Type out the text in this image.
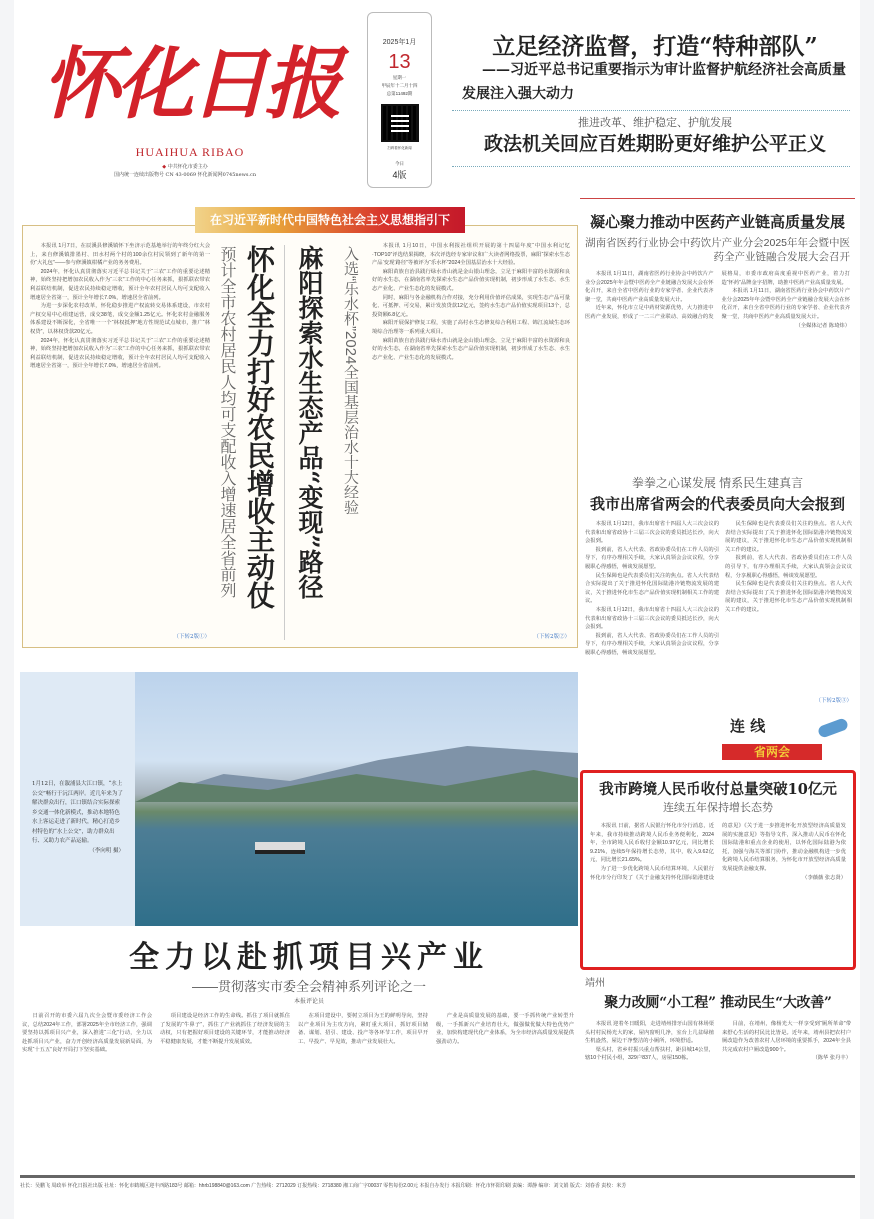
怀化日报
HUAIHUA RIBAO
◆ 中共怀化市委主办
国内统一连续出版物号 CN 43-0069 怀化新闻网0745news.cn
2025年1月
13
星期一
甲辰年十二月十四
总第11492期
扫码看怀化新闻
今日
4版
立足经济监督，打造“特种部队”
——习近平总书记重要指示为审计监督护航经济社会高质量发展注入强大动力
推进改革、维护稳定、护航发展
政法机关回应百姓期盼更好维护公平正义
在习近平新时代中国特色社会主义思想指引下

本报讯 1月7日，在辰溪县修溪镇怀下坐济示范基地举行的年终分红大会上，来自修溪镇排墨村、田水村两个村的100余位村民领到了新年的第一份“大礼包”——参与修溪镇柑橘产业的务务费用。

2024年，怀化认真贯彻落实习近平总书记关于“三农”工作的重要论述精神，始终坚持把增加农民收入作为“三农”工作的中心任务来抓，狠抓联农带农利益联结机制，促进农民持续稳定增收，预计全年农村居民人均可支配收入增速居全省第一，预计全年增长7.0%，增速居全省前列。

为进一步深化农村改革，怀化稳步推进产权流转交易体系建设，市农村产权交易中心组建运营，成交38笔，成交金额1.25亿元。怀化农村金融服务体系建设不断深化，全省唯一一个“林权抵押”地方性规范试点城市，推广“林权贷”，以林权贷款20亿元。

2024年，怀化认真贯彻落实习近平总书记关于“三农”工作的重要论述精神，始终坚持把增加农民收入作为“三农”工作的中心任务来抓，狠抓联农带农利益联结机制，促进农民持续稳定增收，预计全年农村居民人均可支配收入增速居全省第一，预计全年增长7.0%，增速居全省前列。

（下转2版①）
预计全市农村居民人均可支配收入增速居全省前列 怀化全力打好农民增收主动仗 麻阳探索水生态产品“变现”路径 入选“乐水杯”2024全国基层治水十大经验	本报讯 1月10日，中国水利报社组织开展的第十四届年度“中国水利记忆·TOP10”评选结果揭晓，本次评选经专家审议和广大读者网络投票，麻阳“探索水生态产品‘变现’路径”等被评为“乐水杯”2024全国基层治水十大经验。

麻阳苗族自治县践行绿水青山就是金山银山理念，立足于麻阳丰富的水资源和良好的水生态，在湖南省率先探索水生态产品价值实现机制，初步形成了水生态、水生态产业化、产业生态化的发展模式。

同时，麻阳与各金融机构合作对接，充分利用价值评估成果，实现生态产品可量化、可抵押、可交易，累计发放贷款12亿元，签约水生态产品价值实现项目13个，总投资额6.8亿元。

麻阳开展保护修复工程，实施了高村水生态修复综合利用工程、锦江流域生态环境综合治理等一系列重大项目。

麻阳苗族自治县践行绿水青山就是金山银山理念，立足于麻阳丰富的水资源和良好的水生态，在湖南省率先探索水生态产品价值实现机制，初步形成了水生态、水生态产业化、产业生态化的发展模式。

（下转2版②）
1月12日，在溆浦县大江口镇，“水上公交”畅行于沅江两岸。近几年来为了解决群众出行，江口镇结合实际探索乡交通一体化新模式，推动本地特色水上客运走进了新时代，精心打造乡村特色的“水上公交”，助力群众出行、又助力农产品运输。
（李向明 摄）
全力以赴抓项目兴产业
——贯彻落实市委全会精神系列评论之一
本报评论员

日前召开的市委六届九次全会暨市委经济工作会议，总结2024年工作，部署2025年全市经济工作，强调要坚持以抓项目兴产业，深入推进“三化”行动，全力以赴抓项目兴产业，奋力开创经济高质量发展新局面，为实现“十五五”良好开局打下坚实基础。

项目建设是经济工作的生命线。抓住了项目就抓住了发展的“牛鼻子”，抓住了产业就抓住了经济发展的主动权，只有把握好项目建设的关键环节，才能推动经济平稳健康发展，才能不断提升发展质效。

在项目建设中，要树立项目为王的鲜明导向，坚持以产业项目为主攻方向，紧盯重大项目，抓好项目储备、谋划、招引、建设、投产等各环节工作，项目早开工、早投产、早见效，推动产业发展壮大。

产业是高质量发展的基础，要一手抓传统产业转型升级，一手抓新兴产业培育壮大，做强做优做大特色优势产业，加快构建现代化产业体系，为全市经济高质量发展提供强劲动力。

凝心聚力推动中医药产业链高质量发展
湖南省医药行业协会中药饮片产业分会2025年年会暨中医药全产业链融合发展大会召开

本报讯 1月11日，湖南省医药行业协会中药饮片产业分会2025年年会暨中医药全产业链融合发展大会在怀化召开，来自全省中医药行业的专家学者、企业代表齐聚一堂，共商中医药产业高质量发展大计。

近年来，怀化市立足中药材资源优势，大力推进中医药产业发展，形成了一二三产业联动、高效融合的发展格局，市委市政府高度重视中医药产业，着力打造“怀药”品牌金字招牌，助推中医药产业高质量发展。

本报讯 1月11日，湖南省医药行业协会中药饮片产业分会2025年年会暨中医药全产业链融合发展大会在怀化召开，来自全省中医药行业的专家学者、企业代表齐聚一堂，共商中医药产业高质量发展大计。

（全媒体记者 陈琦炜）
拳拳之心谋发展 情系民生建真言
我市出席省两会的代表委员向大会报到

本报讯 1月12日，我市出席省十四届人大三次会议的代表和出席省政协十三届三次会议的委员抵达长沙，向大会报到。

报到前，省人大代表、省政协委员们在工作人员的引导下，有序办理相关手续，大家认真领会会议议程，分享履职心得感悟，畅谈发展愿望。

民生保障也是代表委员们关注的焦点。省人大代表结合实际提出了关于推进怀化国际陆港冷链物流发展的建议，关于推进怀化市生态产品价值实现机制相关工作的建议。

本报讯 1月12日，我市出席省十四届人大三次会议的代表和出席省政协十三届三次会议的委员抵达长沙，向大会报到。

报到前，省人大代表、省政协委员们在工作人员的引导下，有序办理相关手续，大家认真领会会议议程，分享履职心得感悟，畅谈发展愿望。

民生保障也是代表委员们关注的焦点。省人大代表结合实际提出了关于推进怀化国际陆港冷链物流发展的建议，关于推进怀化市生态产品价值实现机制相关工作的建议。

报到前，省人大代表、省政协委员们在工作人员的引导下，有序办理相关手续，大家认真领会会议议程，分享履职心得感悟，畅谈发展愿望。

民生保障也是代表委员们关注的焦点。省人大代表结合实际提出了关于推进怀化国际陆港冷链物流发展的建议，关于推进怀化市生态产品价值实现机制相关工作的建议。

（下转2版③）
连 线
省两会
我市跨境人民币收付总量突破10亿元
连续五年保持增长态势

本报讯 日前，据省人民银行怀化市分行消息，近年来，我市持续推动跨境人民币业务便利化，2024年，全市跨境人民币收付金额10.97亿元，同比增长9.21%，连续5年保持增长态势，其中，收入9.62亿元，同比增长21.65%。

为了进一步优化跨境人民币结算环境，人民银行怀化市分行印发了《关于金融支持怀化国际陆港建设的意见》《关于进一步推进怀化开放型经济高质量发展的实施意见》等指导文件，深入推动人民币在怀化国际陆港和重点企业的使用，以怀化国际陆港为依托，加强与海关等部门协作，推动金融机构进一步优化跨境人民币结算服务，为怀化市开放型经济高质量发展提供金融支撑。

（李薇薇 张志贤）
靖州
聚力改厕“小工程” 推动民生“大改善”

本报讯 迎着冬日暖阳，走进靖州排牙山国有林场渠头村村民杨光大的家，屋内窗明几净，室台上几盆绿植生机盎然，屋边干净整洁的小厕所，环境舒适。

渠头村，省乡村振兴重点帮扶村，距县城14公里，辖10个村民小组，329户837人，房屋150栋。

目前，在靖州，像杨光大一样享受到“厕所革命”带来舒心生活的村民比比皆是。近年来，靖州县把农村户厕改造作为改善农村人居环境的重要抓手，2024年全县共完成农村户厕改造900个。

（陈华 张丹丰）
社长：吴鹏飞 周政举 怀化日报社出版 社址：怀化市鹤城区迎丰西路183号 邮箱：hhrb198840@163.com 广告热线：2712029 订报热线：2718380 湘工商广字00037 零售每份2.00元 本报自办发行 本报印刷：怀化市怀阳印刷 责编：谭静 编审：刘文娟 版式：刘春香 责校：米芳
